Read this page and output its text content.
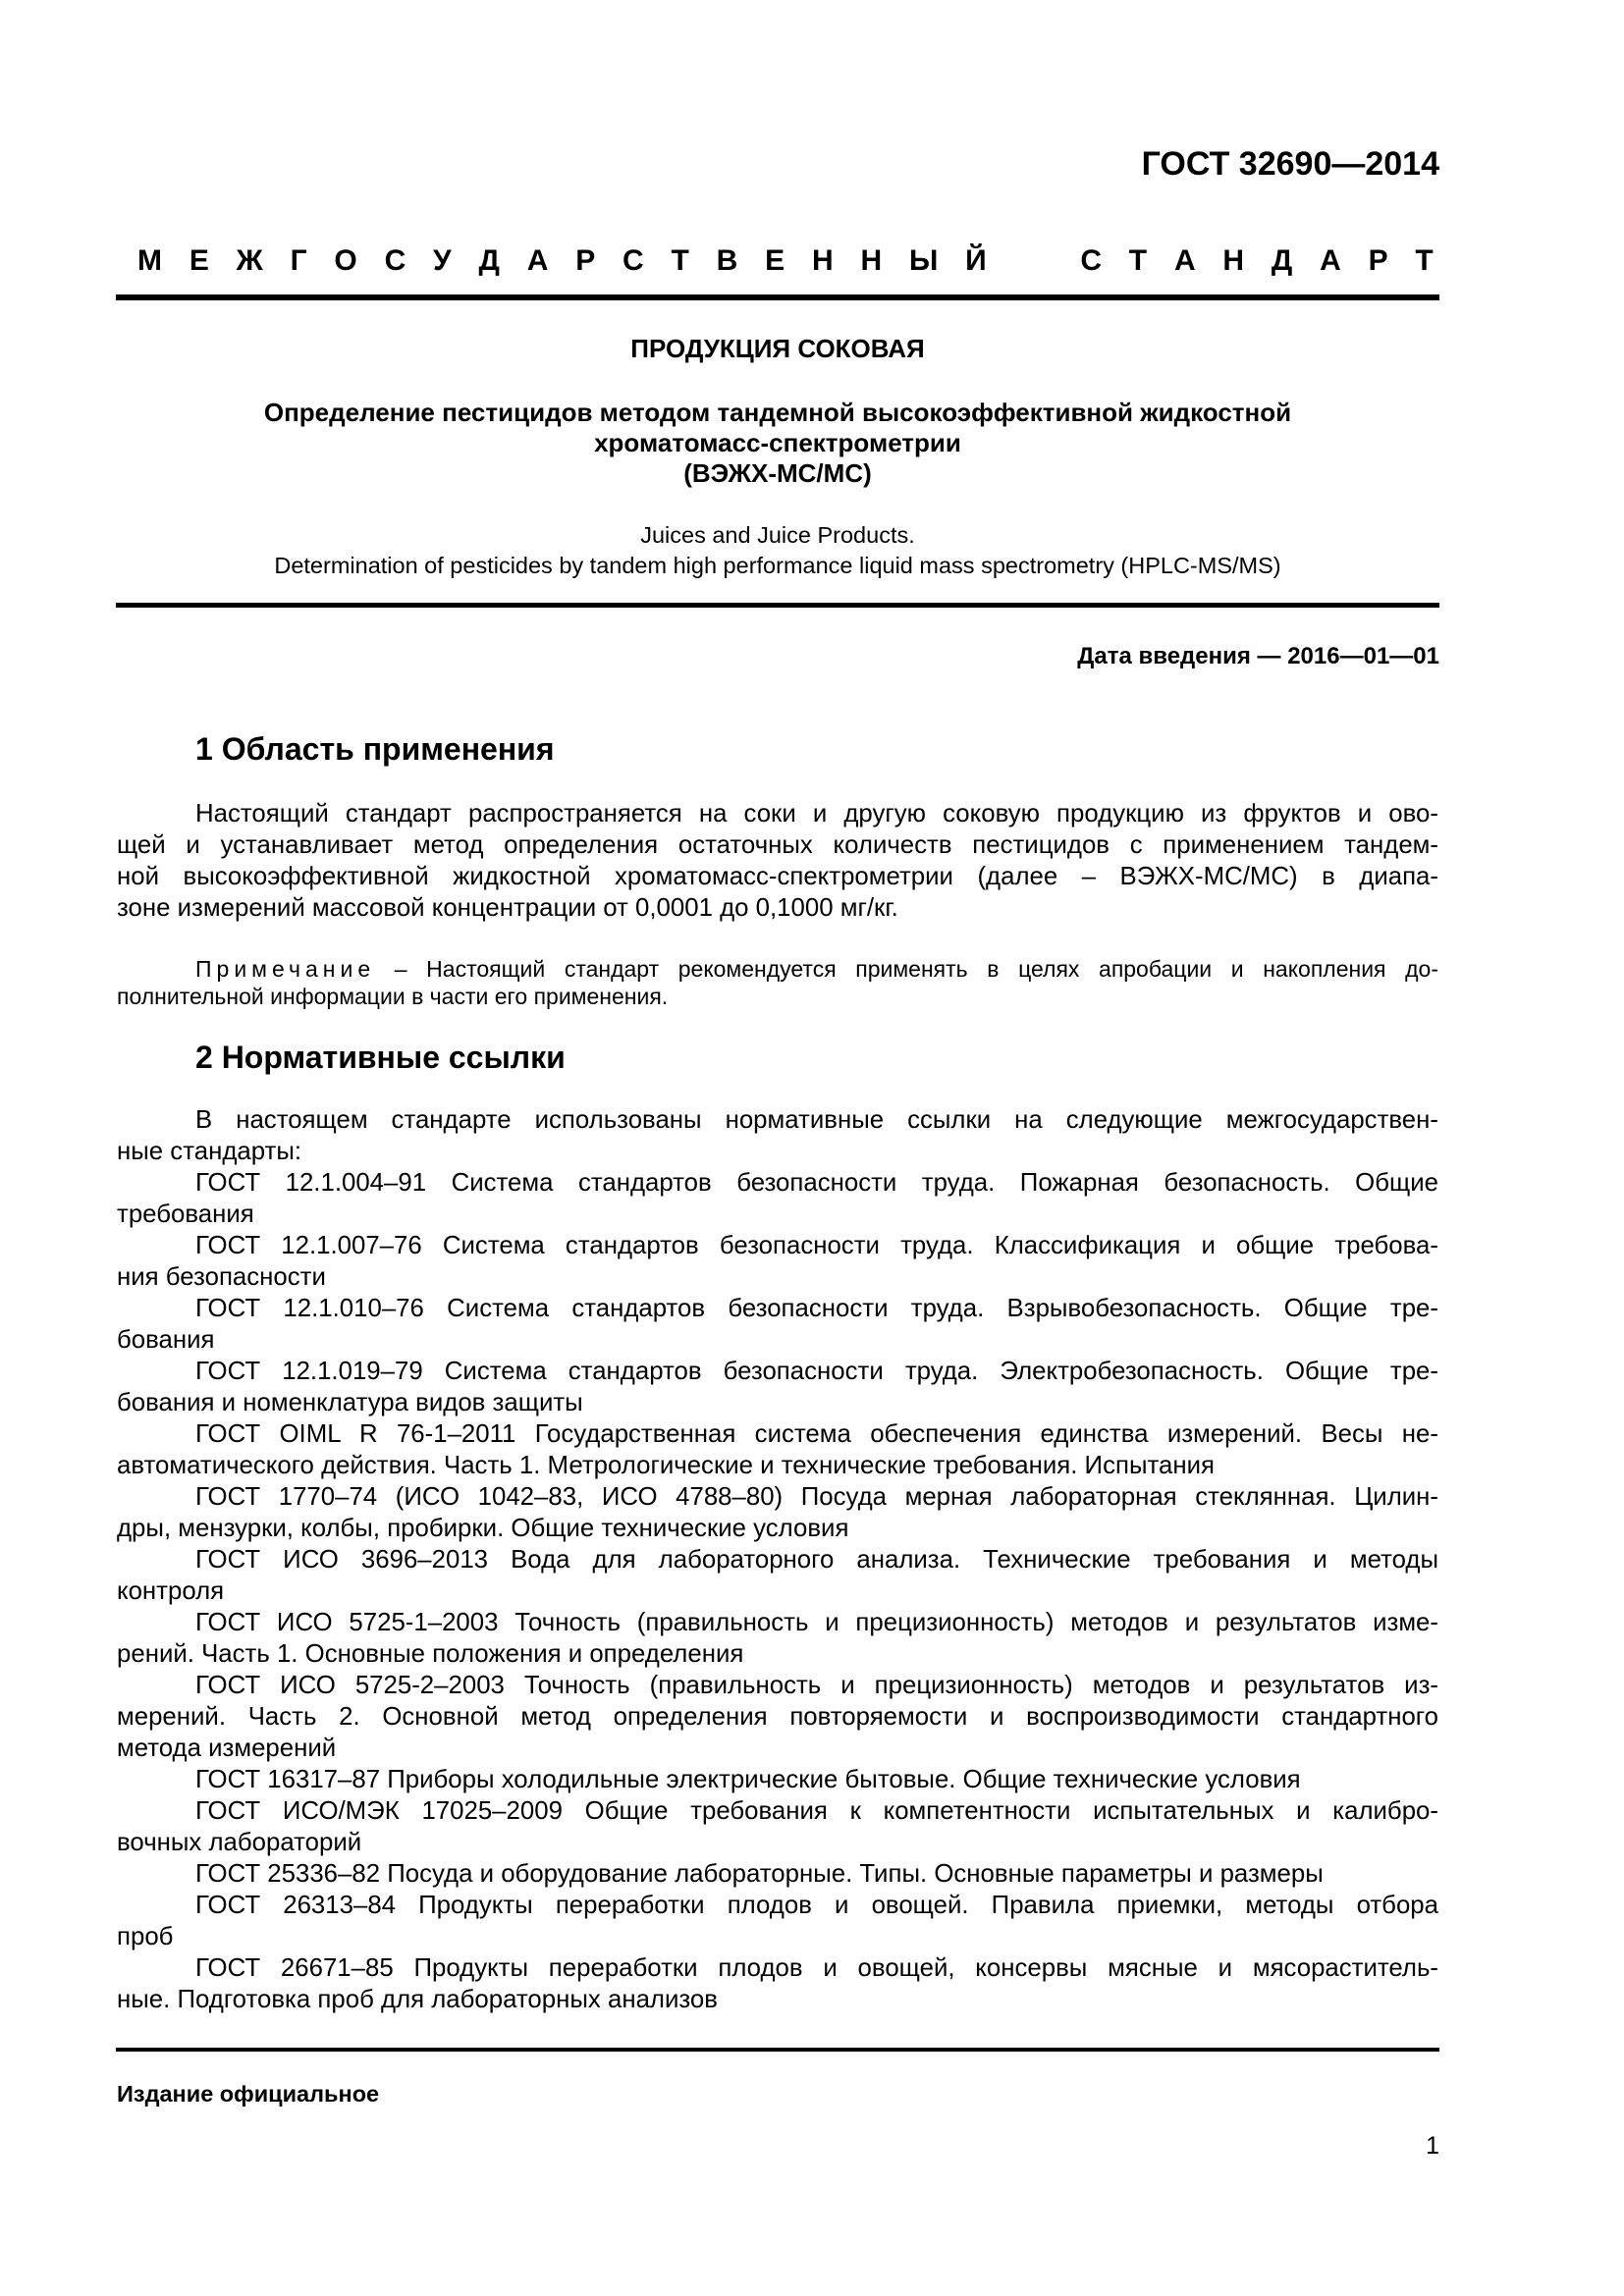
ГОСТ 32690—2014
М Е Ж Г О С У Д А Р С Т В Е Н Н Ы Й	С Т А Н Д А Р Т
ПРОДУКЦИЯ СОКОВАЯ
Определение пестицидов методом тандемной высокоэффективной жидкостной
хроматомасс-спектрометрии
(ВЭЖХ-МС/МС)
Juices and Juice Products.
Determination of pesticides by tandem high performance liquid mass spectrometry (HPLC-MS/MS)
Дата введения — 2016—01—01
1 Область применения
Настоящий стандарт распространяется на соки и другую соковую продукцию из фруктов и ово-
щей и устанавливает метод определения остаточных количеств пестицидов с применением тандем-
ной высокоэффективной жидкостной хроматомасс-спектрометрии (далее – ВЭЖХ-МС/МС) в диапа-
зоне измерений массовой концентрации от 0,0001 до 0,1000 мг/кг.
Примечание – Настоящий стандарт рекомендуется применять в целях апробации и накопления до-
полнительной информации в части его применения.
2 Нормативные ссылки
В настоящем стандарте использованы нормативные ссылки на следующие межгосударствен-
ные стандарты:
ГОСТ 12.1.004–91 Система стандартов безопасности труда. Пожарная безопасность. Общие
требования
ГОСТ 12.1.007–76 Система стандартов безопасности труда. Классификация и общие требова-
ния безопасности
ГОСТ 12.1.010–76 Система стандартов безопасности труда. Взрывобезопасность. Общие тре-
бования
ГОСТ 12.1.019–79 Система стандартов безопасности труда. Электробезопасность. Общие тре-
бования и номенклатура видов защиты
ГОСТ OIML R 76-1–2011 Государственная система обеспечения единства измерений. Весы не-
автоматического действия. Часть 1. Метрологические и технические требования. Испытания
ГОСТ 1770–74 (ИСО 1042–83, ИСО 4788–80) Посуда мерная лабораторная стеклянная. Цилин-
дры, мензурки, колбы, пробирки. Общие технические условия
ГОСТ ИСО 3696–2013 Вода для лабораторного анализа. Технические требования и методы
контроля
ГОСТ ИСО 5725-1–2003 Точность (правильность и прецизионность) методов и результатов изме-
рений. Часть 1. Основные положения и определения
ГОСТ ИСО 5725-2–2003 Точность (правильность и прецизионность) методов и результатов из-
мерений. Часть 2. Основной метод определения повторяемости и воспроизводимости стандартного
метода измерений
ГОСТ 16317–87 Приборы холодильные электрические бытовые. Общие технические условия
ГОСТ ИСО/МЭК 17025–2009 Общие требования к компетентности испытательных и калибро-
вочных лабораторий
ГОСТ 25336–82 Посуда и оборудование лабораторные. Типы. Основные параметры и размеры
ГОСТ 26313–84 Продукты переработки плодов и овощей. Правила приемки, методы отбора
проб
ГОСТ 26671–85 Продукты переработки плодов и овощей, консервы мясные и мясораститель-
ные. Подготовка проб для лабораторных анализов
Издание официальное
1
